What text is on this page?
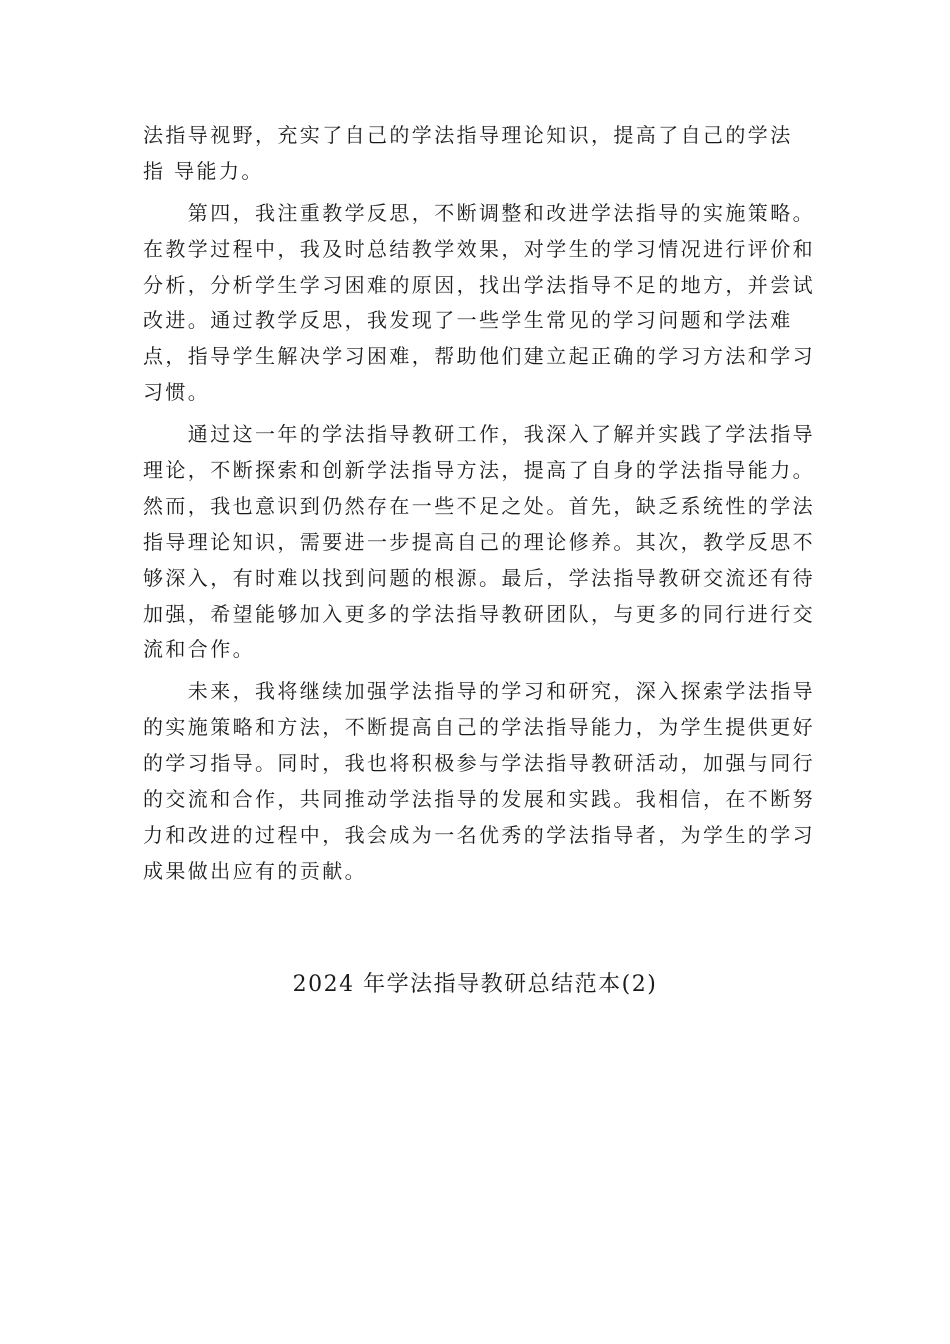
法指导视野，充实了自己的学法指导理论知识，提高了自己的学法
指 导能力。
　　第四，我注重教学反思，不断调整和改进学法指导的实施策略。
在教学过程中，我及时总结教学效果，对学生的学习情况进行评价和
分析，分析学生学习困难的原因，找出学法指导不足的地方，并尝试
改进。通过教学反思，我发现了一些学生常见的学习问题和学法难
点，指导学生解决学习困难，帮助他们建立起正确的学习方法和学习
习惯。
　　通过这一年的学法指导教研工作，我深入了解并实践了学法指导
理论，不断探索和创新学法指导方法，提高了自身的学法指导能力。
然而，我也意识到仍然存在一些不足之处。首先，缺乏系统性的学法
指导理论知识，需要进一步提高自己的理论修养。其次，教学反思不
够深入，有时难以找到问题的根源。最后，学法指导教研交流还有待
加强，希望能够加入更多的学法指导教研团队，与更多的同行进行交
流和合作。
　　未来，我将继续加强学法指导的学习和研究，深入探索学法指导
的实施策略和方法，不断提高自己的学法指导能力，为学生提供更好
的学习指导。同时，我也将积极参与学法指导教研活动，加强与同行
的交流和合作，共同推动学法指导的发展和实践。我相信，在不断努
力和改进的过程中，我会成为一名优秀的学法指导者，为学生的学习
成果做出应有的贡献。
2024 年学法指导教研总结范本(2)
